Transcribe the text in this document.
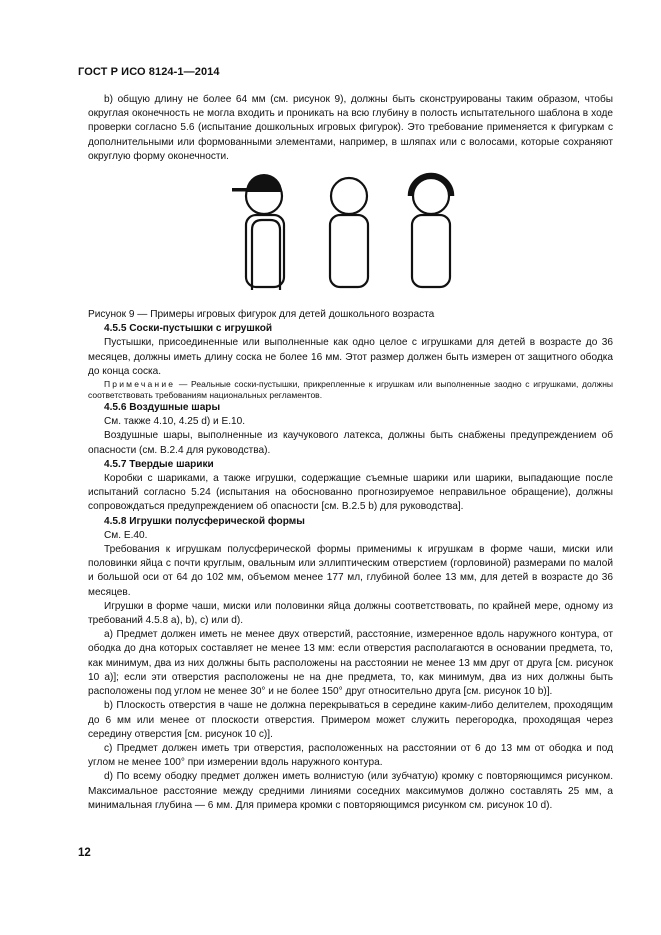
ГОСТ Р ИСО 8124-1—2014

b) общую длину не более 64 мм (см. рисунок 9), должны быть сконструированы таким образом, чтобы округлая оконечность не могла входить и проникать на всю глубину в полость испытательного шаблона в ходе проверки согласно 5.6 (испытание дошкольных игровых фигурок). Это требование применяется к фигуркам с дополнительными или формованными элементами, например, в шляпах или с волосами, которые сохраняют округлую форму оконечности.

Рисунок 9 — Примеры игровых фигурок для детей дошкольного возраста

4.5.5 Соски-пустышки с игрушкой

Пустышки, присоединенные или выполненные как одно целое с игрушками для детей в возрасте до 36 месяцев, должны иметь длину соска не более 16 мм. Этот размер должен быть измерен от защитного ободка до конца соска.

Примечание — Реальные соски-пустышки, прикрепленные к игрушкам или выполненные заодно с игрушками, должны соответствовать требованиям национальных регламентов.

4.5.6 Воздушные шары

См. также 4.10, 4.25 d) и Е.10.

Воздушные шары, выполненные из каучукового латекса, должны быть снабжены предупреждением об опасности (см. В.2.4 для руководства).

4.5.7 Твердые шарики

Коробки с шариками, а также игрушки, содержащие съемные шарики или шарики, выпадающие после испытаний согласно 5.24 (испытания на обоснованно прогнозируемое неправильное обращение), должны сопровождаться предупреждением об опасности [см. В.2.5 b) для руководства].

4.5.8 Игрушки полусферической формы

См. Е.40.

Требования к игрушкам полусферической формы применимы к игрушкам в форме чаши, миски или половинки яйца с почти круглым, овальным или эллиптическим отверстием (горловиной) размерами по малой и большой оси от 64 до 102 мм, объемом менее 177 мл, глубиной более 13 мм, для детей в возрасте до 36 месяцев.

Игрушки в форме чаши, миски или половинки яйца должны соответствовать, по крайней мере, одному из требований 4.5.8 а), b), с) или d).

а) Предмет должен иметь не менее двух отверстий, расстояние, измеренное вдоль наружного контура, от ободка до дна которых составляет не менее 13 мм: если отверстия располагаются в основании предмета, то, как минимум, два из них должны быть расположены на расстоянии не менее 13 мм друг от друга [см. рисунок 10 а)]; если эти отверстия расположены не на дне предмета, то, как минимум, два из них должны быть расположены под углом не менее 30° и не более 150° друг относительно друга [см. рисунок 10 b)].

b) Плоскость отверстия в чаше не должна перекрываться в середине каким-либо делителем, проходящим до 6 мм или менее от плоскости отверстия. Примером может служить перегородка, проходящая через середину отверстия [см. рисунок 10 с)].

с) Предмет должен иметь три отверстия, расположенных на расстоянии от 6 до 13 мм от ободка и под углом не менее 100° при измерении вдоль наружного контура.

d) По всему ободку предмет должен иметь волнистую (или зубчатую) кромку с повторяющимся рисунком. Максимальное расстояние между средними линиями соседних максимумов должно составлять 25 мм, а минимальная глубина — 6 мм. Для примера кромки с повторяющимся рисунком см. рисунок 10 d).

12
